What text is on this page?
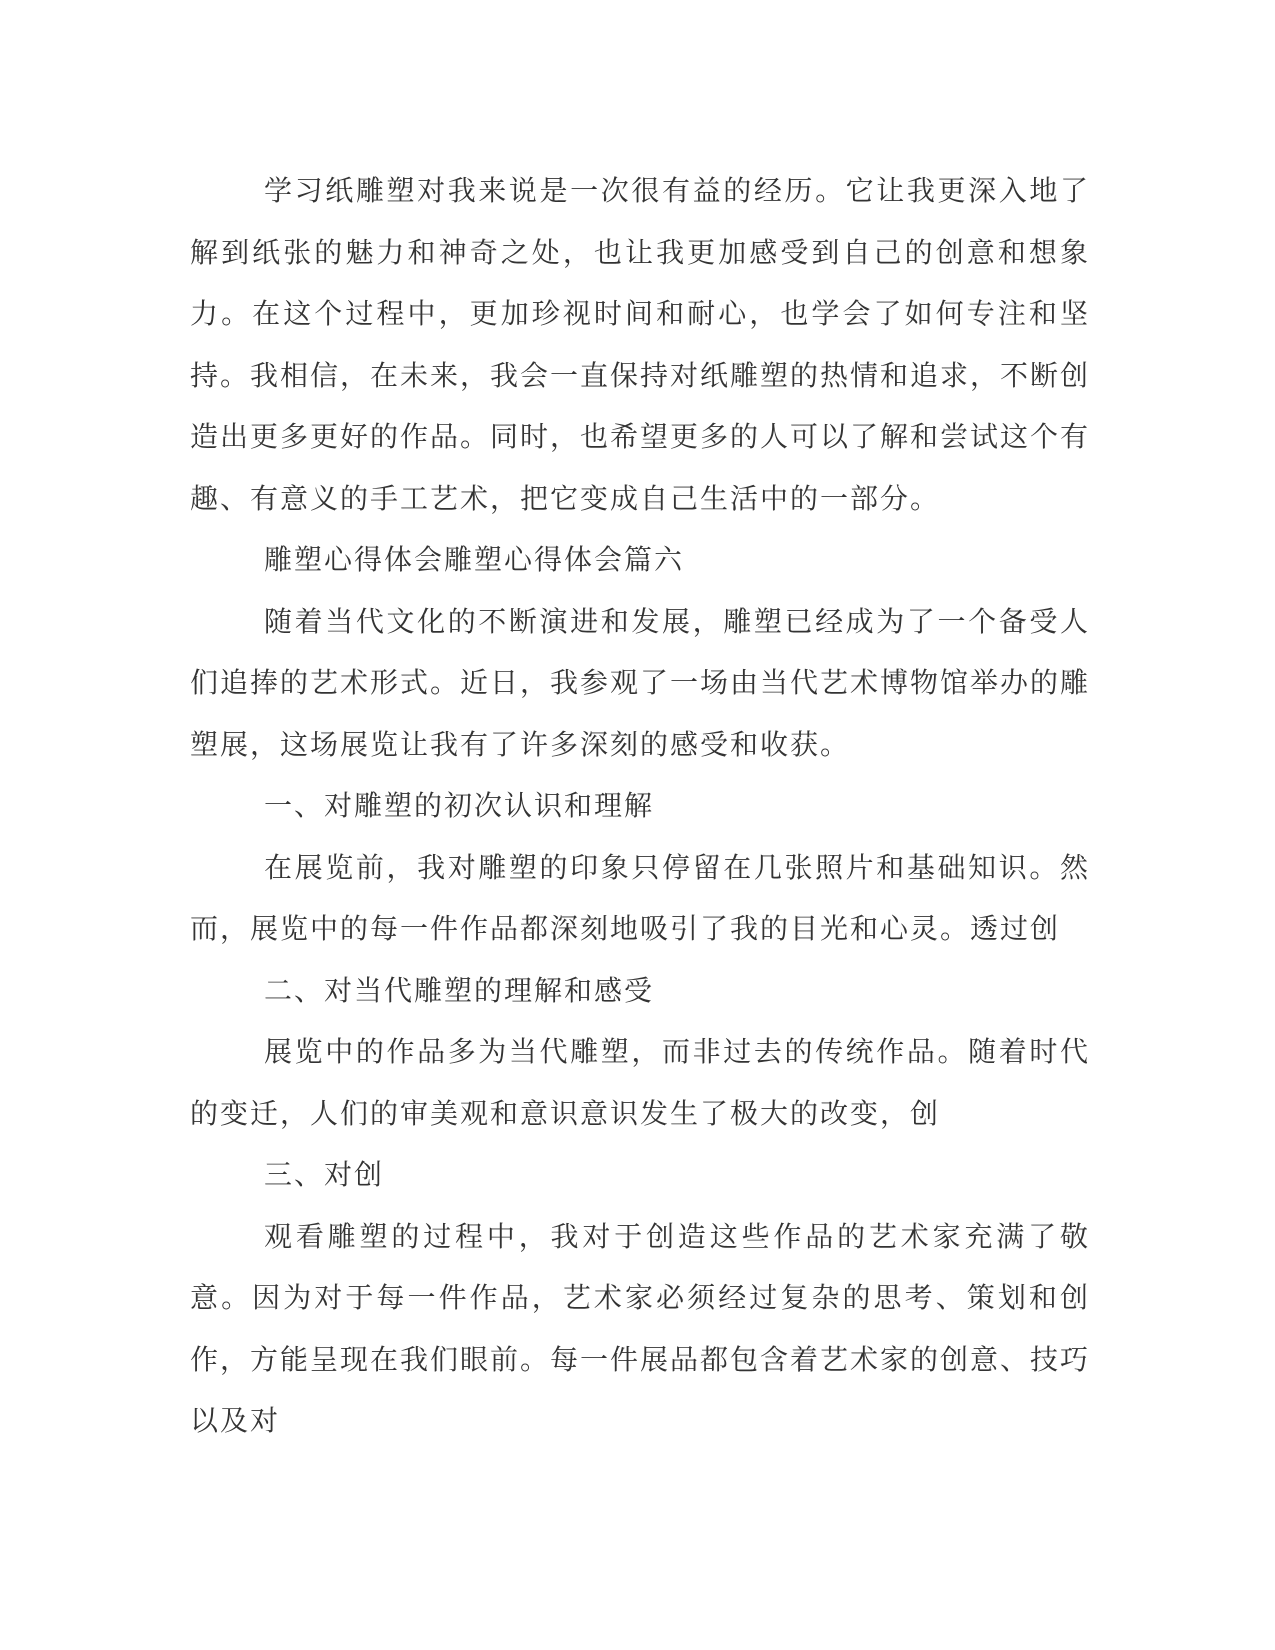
学习纸雕塑对我来说是一次很有益的经历。它让我更深入地了解到纸张的魅力和神奇之处，也让我更加感受到自己的创意和想象力。在这个过程中，更加珍视时间和耐心，也学会了如何专注和坚持。我相信，在未来，我会一直保持对纸雕塑的热情和追求，不断创造出更多更好的作品。同时，也希望更多的人可以了解和尝试这个有趣、有意义的手工艺术，把它变成自己生活中的一部分。

雕塑心得体会雕塑心得体会篇六

随着当代文化的不断演进和发展，雕塑已经成为了一个备受人们追捧的艺术形式。近日，我参观了一场由当代艺术博物馆举办的雕塑展，这场展览让我有了许多深刻的感受和收获。

一、对雕塑的初次认识和理解

在展览前，我对雕塑的印象只停留在几张照片和基础知识。然而，展览中的每一件作品都深刻地吸引了我的目光和心灵。透过创

二、对当代雕塑的理解和感受

展览中的作品多为当代雕塑，而非过去的传统作品。随着时代的变迁，人们的审美观和意识意识发生了极大的改变，创

三、对创

观看雕塑的过程中，我对于创造这些作品的艺术家充满了敬意。因为对于每一件作品，艺术家必须经过复杂的思考、策划和创作，方能呈现在我们眼前。每一件展品都包含着艺术家的创意、技巧以及对
